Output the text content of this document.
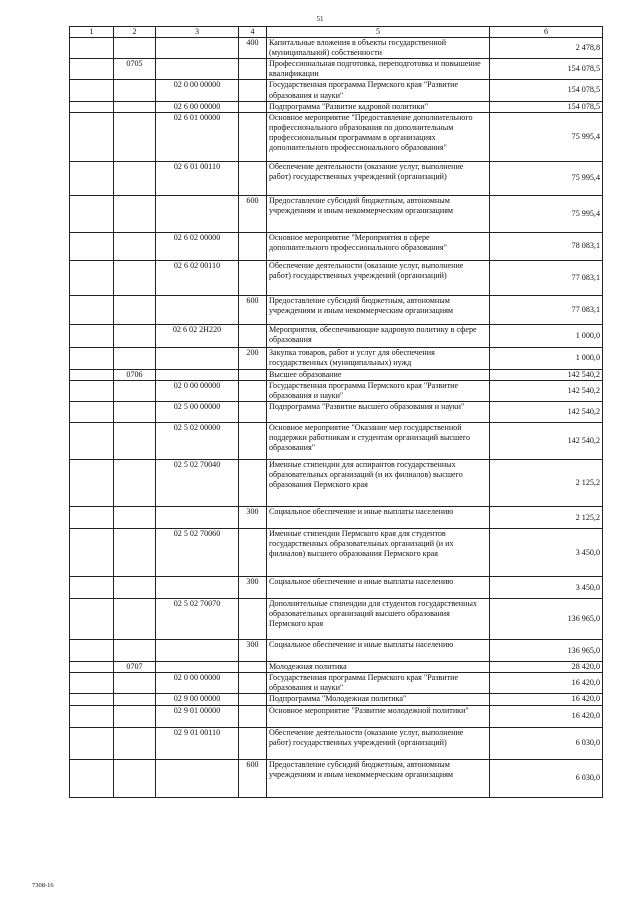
51
1	2	3	4	5	6
			400	Капитальные вложения в объекты государственной (муниципальной) собственности	2 478,8
	0705			Профессиональная подготовка, переподготовка и повышение квалификации	154 078,5
		02 0 00 00000		Государственная программа Пермского края "Развитие образования и науки"	154 078,5
		02 6 00 00000		Подпрограмма "Развитие кадровой политики"	154 078,5
		02 6 01 00000		Основное мероприятие "Предоставление дополнительного профессионального образования по дополнительным профессиональным программам в организациях дополнительного профессионального образования"	75 995,4
		02 6 01 00110		Обеспечение деятельности (оказание услуг, выполнение работ) государственных учреждений (организаций)	75 995,4
			600	Предоставление субсидий бюджетным, автономным учреждениям и иным некоммерческим организациям	75 995,4
		02 6 02 00000		Основное мероприятие "Мероприятия в сфере дополнительного профессионального образования"	78 083,1
		02 6 02 00110		Обеспечение деятельности (оказание услуг, выполнение работ) государственных учреждений (организаций)	77 083,1
			600	Предоставление субсидий бюджетным, автономным учреждениям и иным некоммерческим организациям	77 083,1
		02 6 02 2Н220		Мероприятия, обеспечивающие кадровую политику в сфере образования	1 000,0
			200	Закупка товаров, работ и услуг для обеспечения государственных (муниципальных) нужд	1 000,0
	0706			Высшее образование	142 540,2
		02 0 00 00000		Государственная программа Пермского края "Развитие образования и науки"	142 540,2
		02 5 00 00000		Подпрограмма "Развитие высшего образования и науки"	142 540,2
		02 5 02 00000		Основное мероприятие "Оказание мер государственной поддержки работникам и студентам организаций высшего образования"	142 540,2
		02 5 02 70040		Именные стипендии для аспирантов государственных образовательных организаций (и их филиалов) высшего образования Пермского края	2 125,2
			300	Социальное обеспечение и иные выплаты населению	2 125,2
		02 5 02 70060		Именные стипендии Пермского края для студентов государственных образовательных организаций (и их филиалов) высшего образования Пермского края	3 450,0
			300	Социальное обеспечение и иные выплаты населению	3 450,0
		02 5 02 70070		Дополнительные стипендии для студентов государственных образовательных организаций высшего образования Пермского края	136 965,0
			300	Социальное обеспечение и иные выплаты населению	136 965,0
	0707			Молодежная политика	28 420,0
		02 0 00 00000		Государственная программа Пермского края "Развитие образования и науки"	16 420,0
		02 9 00 00000		Подпрограмма "Молодежная политика"	16 420,0
		02 9 01 00000		Основное мероприятие "Развитие молодежной политики"	16 420,0
		02 9 01 00110		Обеспечение деятельности (оказание услуг, выполнение работ) государственных учреждений (организаций)	6 030,0
			600	Предоставление субсидий бюджетным, автономным учреждениям и иным некоммерческим организациям	6 030,0
7308-16
